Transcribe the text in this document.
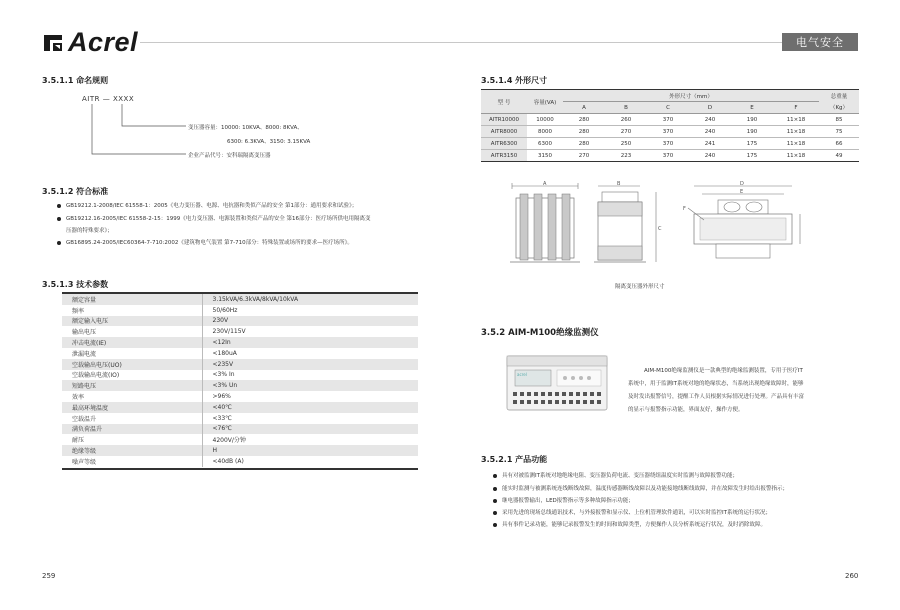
Acrel	电气安全
3.5.1.1 命名规则
AITR — XXXX
变压器容量：10000: 10KVA、8000: 8KVA、
6300: 6.3KVA、3150: 3.15KVA
企业产品代号：安科瑞隔离变压器
3.5.1.2 符合标准
GB19212.1-2008/IEC 61558-1：2005《电力变压器、电源、电抗器和类似产品的安全 第1部分：通用要求和试验》；
GB19212.16-2005/IEC 61558-2-15：1999《电力变压器、电源装置和类似产品的安全 第16部分：医疗场所供电用隔离变
压器的特殊要求》；
GB16895.24-2005/IEC60364-7-710:2002《建筑物电气装置 第7-710部分：特殊装置或场所的要求—医疗场所》。
3.5.1.3 技术参数
额定容量	3.15kVA/6.3kVA/8kVA/10kVA
频率	50/60Hz
额定输入电压	230V
输出电压	230V/115V
冲击电流(IE)	<12In
泄漏电流	<180uA
空载输出电压(UO)	<235V
空载输出电流(IO)	<3% In
短路电压	<3% Un
效率	>96%
最高环境温度	<40℃
空载温升	<33℃
满负荷温升	<76℃
耐压	4200V/分钟
绝缘等级	H
噪声等级	<40dB (A)
259
3.5.1.4 外形尺寸
型 号	容量(VA)	外形尺寸（mm）						总重量
		A	B	C	D	E	F	（Kg）
AITR10000	10000	280	260	370	240	190	11×18	85
AITR8000	8000	280	270	370	240	190	11×18	75
AITR6300	6300	280	250	370	241	175	11×18	66
AITR3150	3150	270	223	370	240	175	11×18	49
A	B
C
D
E
F
隔离变压器外形尺寸
3.5.2 AIM-M100绝缘监测仪
acrel
AIM-M100绝缘监测仪是一款典型的绝缘监测装置，专用于医疗IT
系统中，用于监测IT系统对地的绝缘状态，当系统出现绝缘故障时，能够
及时发出报警信号，提醒工作人员根据实际情况进行处理。产品具有丰富
的显示与报警指示功能，界面友好，操作方便。
3.5.2.1 产品功能
具有对被监测IT系统对地绝缘电阻、变压器负荷电流、变压器绕组温度实时监测与故障报警功能；
能实时监测与被测系统连线断线故障，温度传感器断线故障以及功能接地线断线故障，并在故障发生时给出报警指示；
继电器报警输出，LED报警指示等多种故障指示功能；
采用先进的现场总线通讯技术，与外接报警和显示仪、上位机管理软件通讯，可以实时监控IT系统的运行状况；
具有事件记录功能，能够记录报警发生的时间和故障类型，方便操作人员分析系统运行状况，及时消除故障。
260
